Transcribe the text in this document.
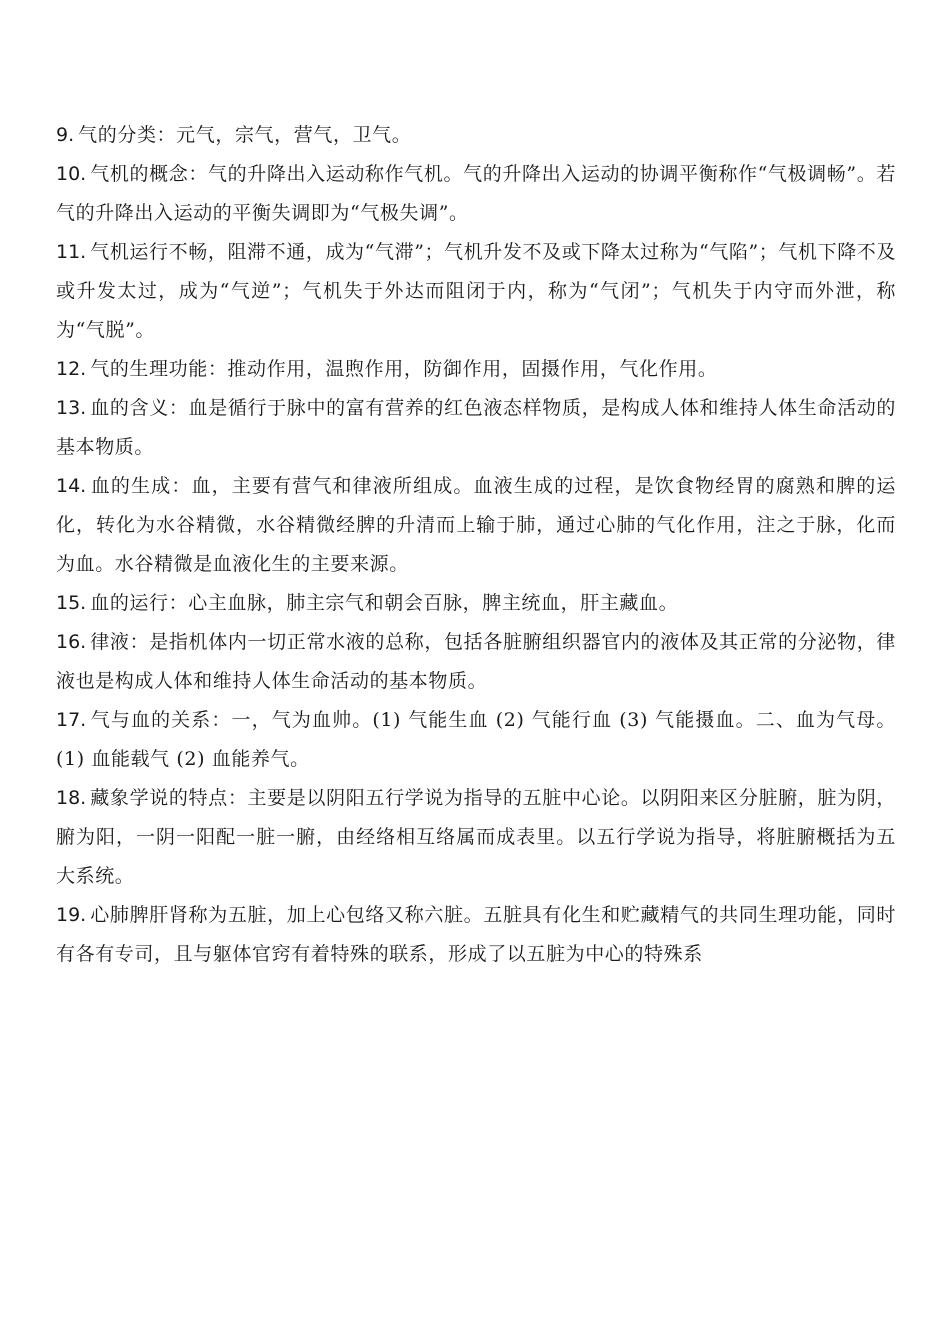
9. 气的分类：元气，宗气，营气，卫气。

10. 气机的概念：气的升降出入运动称作气机。气的升降出入运动的协调平衡称作“气极调畅”。若气的升降出入运动的平衡失调即为“气极失调”。

11. 气机运行不畅，阻滞不通，成为“气滞”；气机升发不及或下降太过称为“气陷”；气机下降不及或升发太过，成为“气逆”；气机失于外达而阻闭于内，称为“气闭”；气机失于内守而外泄，称为“气脱”。

12. 气的生理功能：推动作用，温煦作用，防御作用，固摄作用，气化作用。

13. 血的含义：血是循行于脉中的富有营养的红色液态样物质，是构成人体和维持人体生命活动的基本物质。

14. 血的生成：血，主要有营气和律液所组成。血液生成的过程，是饮食物经胃的腐熟和脾的运化，转化为水谷精微，水谷精微经脾的升清而上输于肺，通过心肺的气化作用，注之于脉，化而为血。水谷精微是血液化生的主要来源。

15. 血的运行：心主血脉，肺主宗气和朝会百脉，脾主统血，肝主藏血。

16. 律液：是指机体内一切正常水液的总称，包括各脏腑组织器官内的液体及其正常的分泌物，律液也是构成人体和维持人体生命活动的基本物质。

17. 气与血的关系：一，气为血帅。(1) 气能生血 (2) 气能行血 (3) 气能摄血。二、血为气母。(1) 血能载气 (2) 血能养气。

18. 藏象学说的特点：主要是以阴阳五行学说为指导的五脏中心论。以阴阳来区分脏腑，脏为阴，腑为阳，一阴一阳配一脏一腑，由经络相互络属而成表里。以五行学说为指导，将脏腑概括为五大系统。

19. 心肺脾肝肾称为五脏，加上心包络又称六脏。五脏具有化生和贮藏精气的共同生理功能，同时有各有专司，且与躯体官窍有着特殊的联系，形成了以五脏为中心的特殊系
